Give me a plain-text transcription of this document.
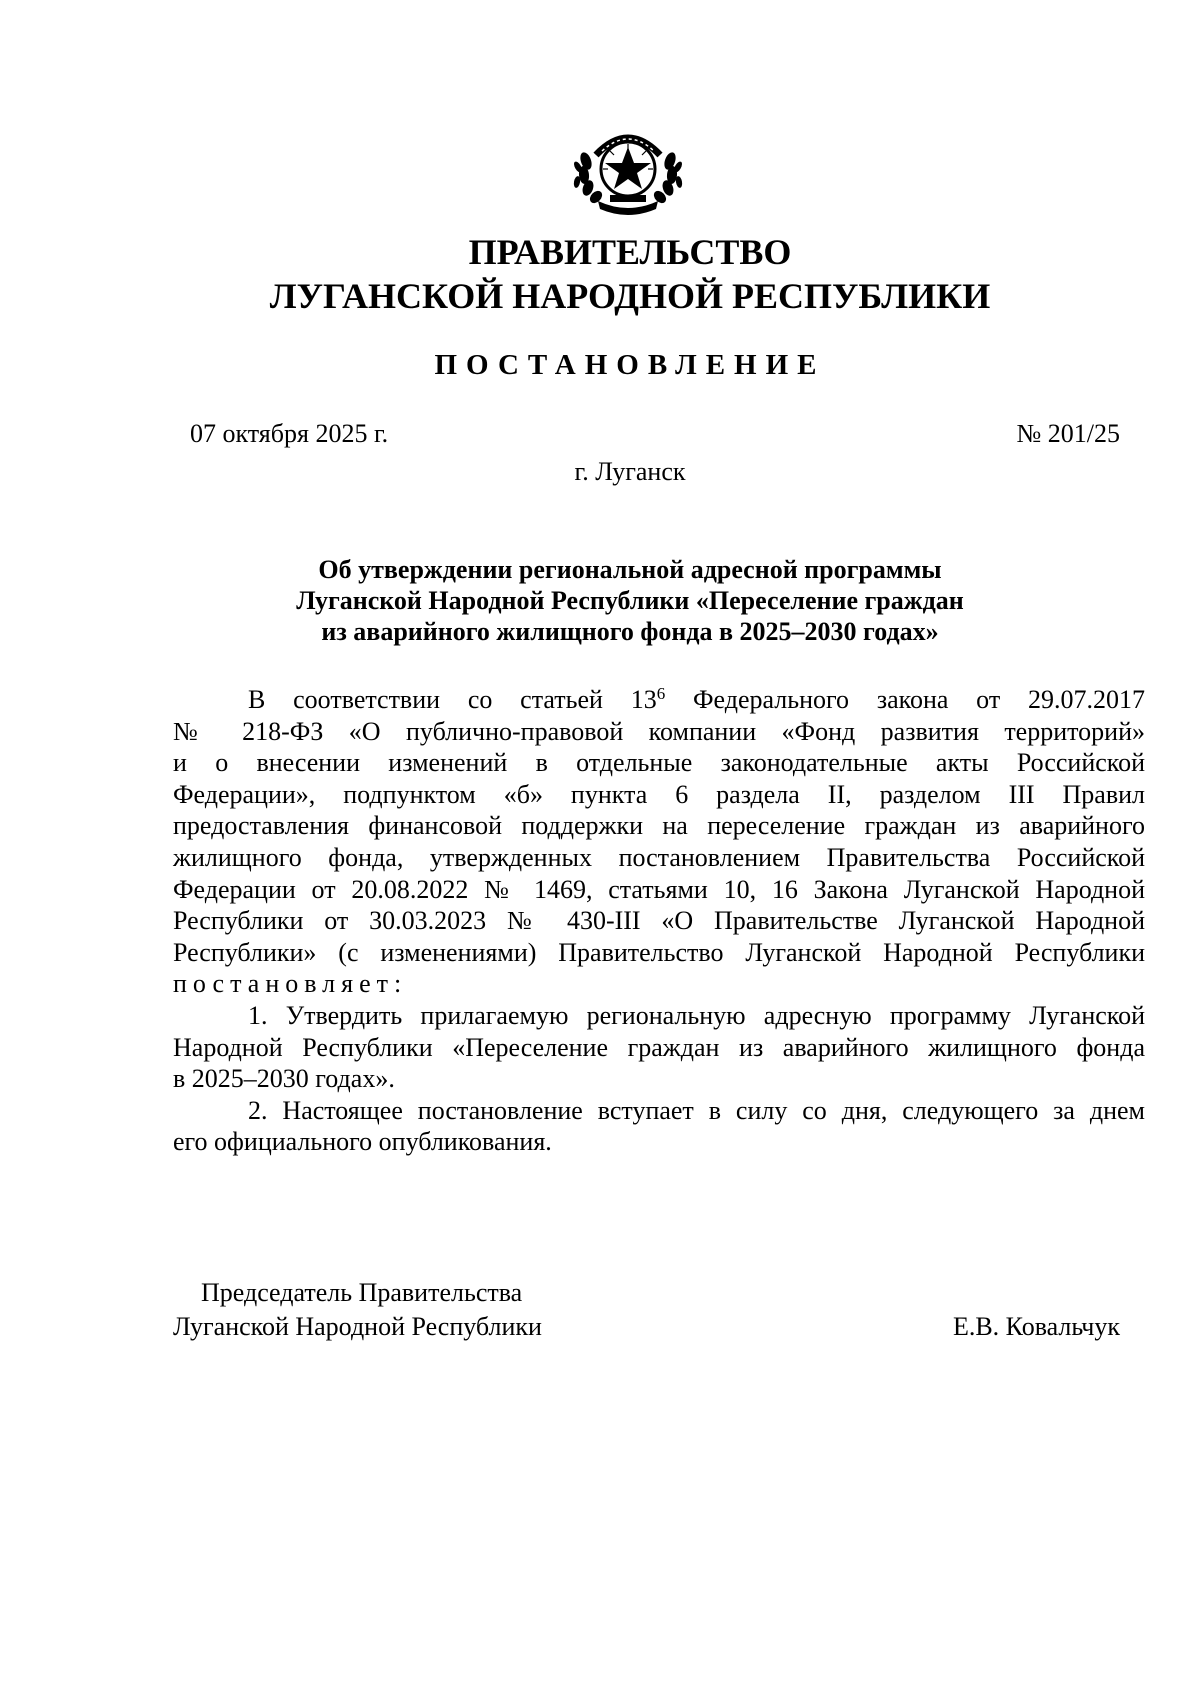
ПРАВИТЕЛЬСТВО
ЛУГАНСКОЙ НАРОДНОЙ РЕСПУБЛИКИ
ПОСТАНОВЛЕНИЕ
07 октября 2025 г.	№ 201/25
г. Луганск
Об утверждении региональной адресной программы
Луганской Народной Республики «Переселение граждан
из аварийного жилищного фонда в 2025–2030 годах»
В соответствии со статьей $13^6$ Федерального закона от 29.07.2017
№ 218-ФЗ «О публично-правовой компании «Фонд развития территорий»
и о внесении изменений в отдельные законодательные акты Российской
Федерации», подпунктом «б» пункта 6 раздела II, разделом III Правил
предоставления финансовой поддержки на переселение граждан из аварийного
жилищного фонда, утвержденных постановлением Правительства Российской
Федерации от 20.08.2022 № 1469, статьями 10, 16 Закона Луганской Народной
Республики от 30.03.2023 № 430-III «О Правительстве Луганской Народной
Республики» (с изменениями) Правительство Луганской Народной Республики
постановляет:
1. Утвердить прилагаемую региональную адресную программу Луганской
Народной Республики «Переселение граждан из аварийного жилищного фонда
в 2025–2030 годах».
2. Настоящее постановление вступает в силу со дня, следующего за днем
его официального опубликования.
Председатель Правительства
Луганской Народной Республики	Е.В. Ковальчук
